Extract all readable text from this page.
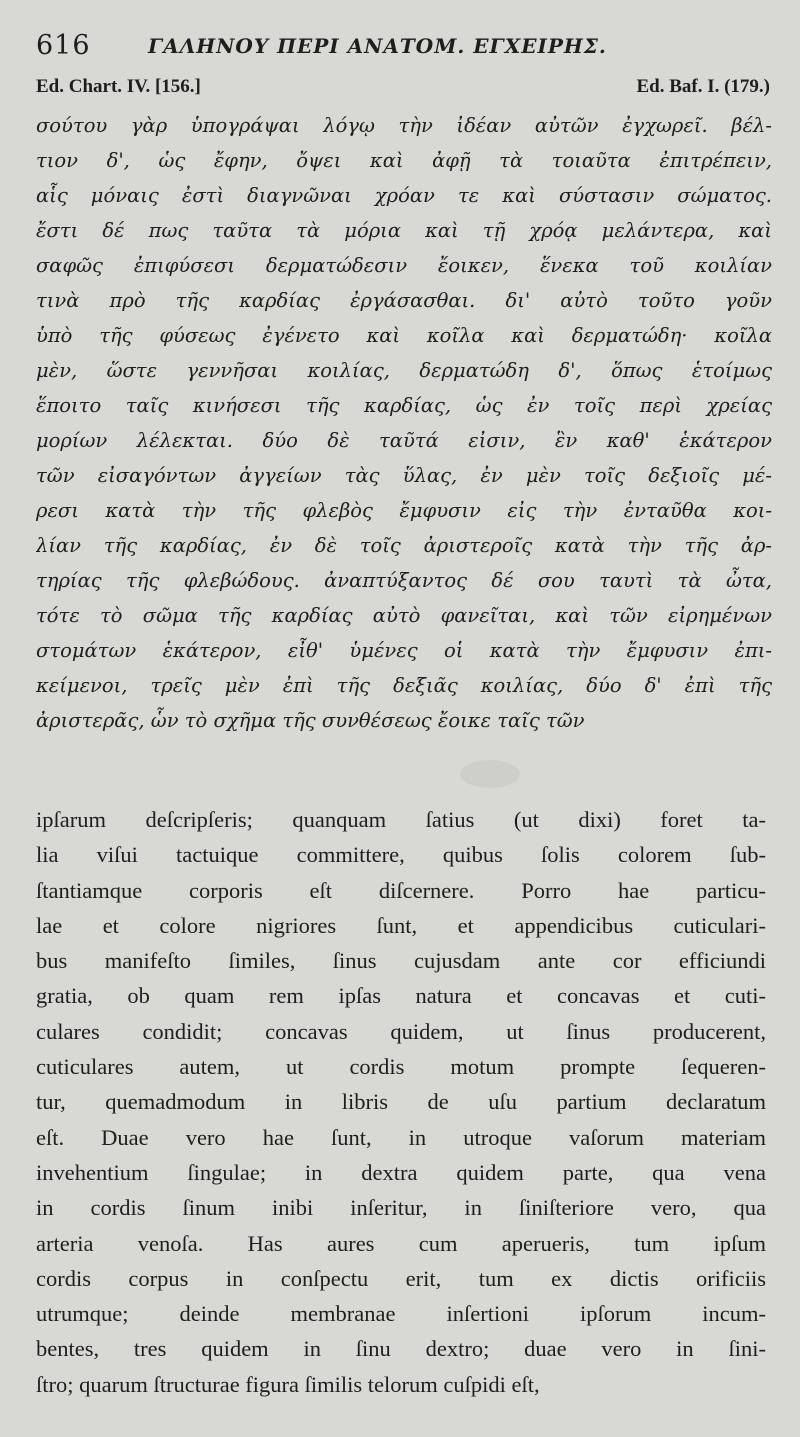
616	ΓΑΛΗΝΟΥ ΠΕΡΙ ΑΝΑΤΟΜ. ΕΓΧΕΙΡΗΣ.
Ed. Chart. IV. [156.]	Ed. Baf. I. (179.)
σούτου γὰρ ὑπογράψαι λόγῳ τὴν ἰδέαν αὐτῶν ἐγχωρεῖ. βέλ-
τιον δ', ὡς ἔφην, ὄψει καὶ ἀφῇ τὰ τοιαῦτα ἐπιτρέπειν,
αἷς μόναις ἐστὶ διαγνῶναι χρόαν τε καὶ σύστασιν σώματος.
ἔστι δέ πως ταῦτα τὰ μόρια καὶ τῇ χρόᾳ μελάντερα, καὶ
σαφῶς ἐπιφύσεσι δερματώδεσιν ἔοικεν, ἕνεκα τοῦ κοιλίαν
τινὰ πρὸ τῆς καρδίας ἐργάσασθαι. δι' αὐτὸ τοῦτο γοῦν
ὑπὸ τῆς φύσεως ἐγένετο καὶ κοῖλα καὶ δερματώδη· κοῖλα
μὲν, ὥστε γεννῆσαι κοιλίας, δερματώδη δ', ὅπως ἑτοίμως
ἕποιτο ταῖς κινήσεσι τῆς καρδίας, ὡς ἐν τοῖς περὶ χρείας
μορίων λέλεκται. δύο δὲ ταῦτά εἰσιν, ἓν καθ' ἑκάτερον
τῶν εἰσαγόντων ἀγγείων τὰς ὕλας, ἐν μὲν τοῖς δεξιοῖς μέ-
ρεσι κατὰ τὴν τῆς φλεβὸς ἔμφυσιν εἰς τὴν ἐνταῦθα κοι-
λίαν τῆς καρδίας, ἐν δὲ τοῖς ἀριστεροῖς κατὰ τὴν τῆς ἀρ-
τηρίας τῆς φλεβώδους. ἀναπτύξαντος δέ σου ταυτὶ τὰ ὦτα,
τότε τὸ σῶμα τῆς καρδίας αὐτὸ φανεῖται, καὶ τῶν εἰρημένων
στομάτων ἑκάτερον, εἶθ' ὑμένες οἱ κατὰ τὴν ἔμφυσιν ἐπι-
κείμενοι, τρεῖς μὲν ἐπὶ τῆς δεξιᾶς κοιλίας, δύο δ' ἐπὶ τῆς
ἀριστερᾶς, ὧν τὸ σχῆμα τῆς συνθέσεως ἔοικε ταῖς τῶν
ipſarum deſcripſeris; quanquam ſatius (ut dixi) foret ta-
lia viſui tactuique committere, quibus ſolis colorem ſub-
ſtantiamque corporis eſt diſcernere. Porro hae particu-
lae et colore nigriores ſunt, et appendicibus cuticulari-
bus manifeſto ſimiles, ſinus cujusdam ante cor efficiundi
gratia, ob quam rem ipſas natura et concavas et cuti-
culares condidit; concavas quidem, ut ſinus producerent,
cuticulares autem, ut cordis motum prompte ſequeren-
tur, quemadmodum in libris de uſu partium declaratum
eſt. Duae vero hae ſunt, in utroque vaſorum materiam
invehentium ſingulae; in dextra quidem parte, qua vena
in cordis ſinum inibi inſeritur, in ſiniſteriore vero, qua
arteria venoſa. Has aures cum aperueris, tum ipſum
cordis corpus in conſpectu erit, tum ex dictis orificiis
utrumque; deinde membranae inſertioni ipſorum incum-
bentes, tres quidem in ſinu dextro; duae vero in ſini-
ſtro; quarum ſtructurae figura ſimilis telorum cuſpidi eſt,
